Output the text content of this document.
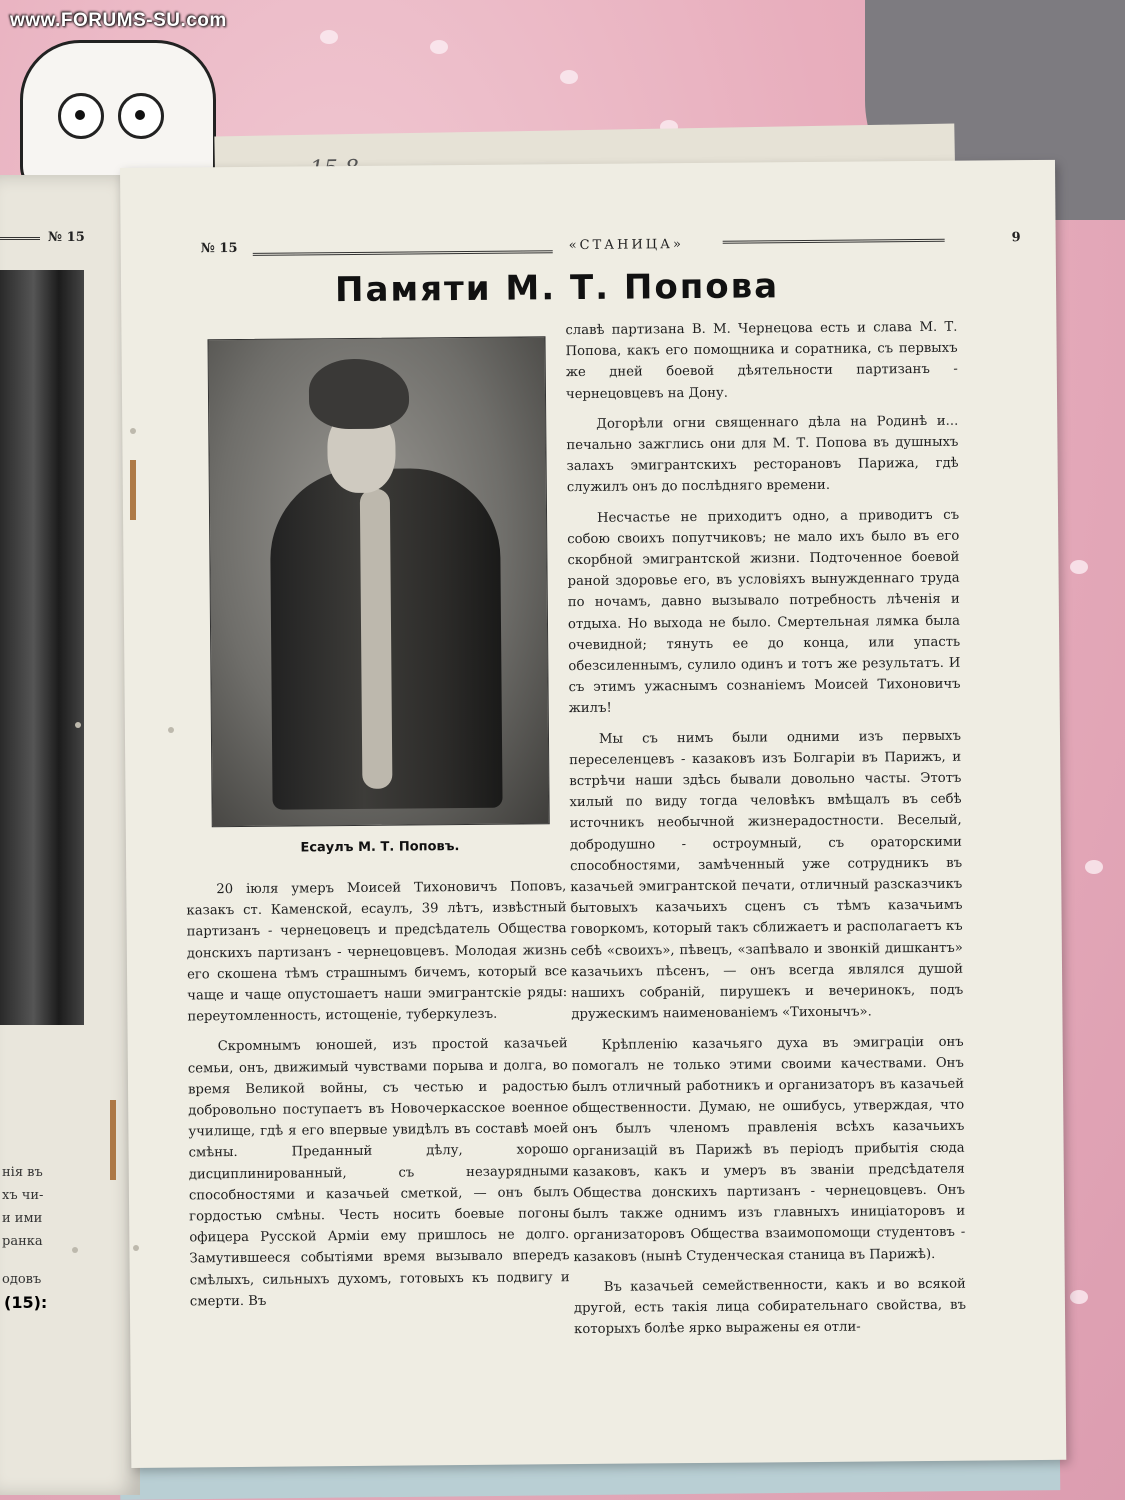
www.FORUMS-SU.com
№ 15
нія въ
хъ чи-
и ими
ранка
одовъ
(15):
№ 15	«СТАНИЦА»	9
Памяти М. Т. Попова
Есаулъ М. Т. Поповъ.

20 іюля умеръ Моисей Тихоновичъ Поповъ, казакъ ст. Каменской, есаулъ, 39 лѣтъ, извѣстный партизанъ - чернецовецъ и предсѣдатель Общества донскихъ партизанъ - чернецовцевъ. Молодая жизнь его скошена тѣмъ страшнымъ бичемъ, который все чаще и чаще опустошаетъ наши эмигрантскіе ряды: переутомленность, истощеніе, туберкулезъ.

Скромнымъ юношей, изъ простой казачьей семьи, онъ, движимый чувствами порыва и долга, во время Великой войны, съ честью и радостью добровольно поступаетъ въ Новочеркасское военное училище, гдѣ я его впервые увидѣлъ въ составѣ моей смѣны. Преданный дѣлу, хорошо дисциплинированный, съ незаурядными способностями и казачьей сметкой, — онъ былъ гордостью смѣны. Честь носить боевые погоны офицера Русской Арміи ему пришлось не долго. Замутившееся событіями время вызывало впередъ смѣлыхъ, сильныхъ духомъ, готовыхъ къ подвигу и смерти. Въ

славѣ партизана В. М. Чернецова есть и слава М. Т. Попова, какъ его помощника и соратника, съ первыхъ же дней боевой дѣятельности партизанъ - чернецовцевъ на Дону.

Догорѣли огни священнаго дѣла на Родинѣ и... печально зажглись они для М. Т. Попова въ душныхъ залахъ эмигрантскихъ ресторановъ Парижа, гдѣ служилъ онъ до послѣдняго времени.

Несчастье не приходитъ одно, а приводитъ съ собою своихъ попутчиковъ; не мало ихъ было въ его скорбной эмигрантской жизни. Подточенное боевой раной здоровье его, въ условіяхъ вынужденнаго труда по ночамъ, давно вызывало потребность лѣченія и отдыха. Но выхода не было. Смертельная лямка была очевидной; тянуть ее до конца, или упасть обезсиленнымъ, сулило одинъ и тотъ же результатъ. И съ этимъ ужаснымъ сознаніемъ Моисей Тихоновичъ жилъ!

Мы съ нимъ были одними изъ первыхъ переселенцевъ - казаковъ изъ Болгаріи въ Парижъ, и встрѣчи наши здѣсь бывали довольно часты. Этотъ хилый по виду тогда человѣкъ вмѣщалъ въ себѣ источникъ необычной жизнерадостности. Веселый, добродушно - остроумный, съ ораторскими способностями, замѣченный уже сотрудникъ въ казачьей эмигрантской печати, отличный разсказчикъ бытовыхъ казачьихъ сценъ съ тѣмъ казачьимъ говоркомъ, который такъ сближаетъ и располагаетъ къ себѣ «своихъ», пѣвецъ, «запѣвало и звонкій дишкантъ» казачьихъ пѣсенъ, — онъ всегда являлся душой нашихъ собраній, пирушекъ и вечеринокъ, подъ дружескимъ наименованіемъ «Тихонычъ».

Крѣпленію казачьяго духа въ эмиграціи онъ помогалъ не только этими своими качествами. Онъ былъ отличный работникъ и организаторъ въ казачьей общественности. Думаю, не ошибусь, утверждая, что онъ былъ членомъ правленія всѣхъ казачьихъ организацій въ Парижѣ въ періодъ прибытія сюда казаковъ, какъ и умеръ въ званіи предсѣдателя Общества донскихъ партизанъ - чернецовцевъ. Онъ былъ также однимъ изъ главныхъ иниціаторовъ и организаторовъ Общества взаимопомощи студентовъ - казаковъ (нынѣ Студенческая станица въ Парижѣ).

Въ казачьей семейственности, какъ и во всякой другой, есть такія лица собирательнаго свойства, въ которыхъ болѣе ярко выражены ея отли-
